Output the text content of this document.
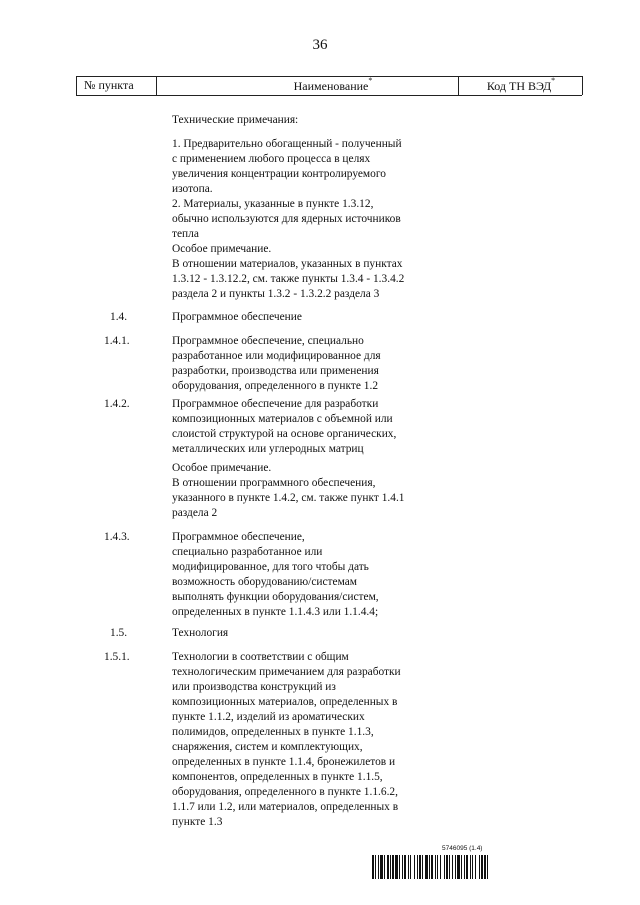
36
№ пункта	Наименование*	Код ТН ВЭД*
Технические примечания:
1. Предварительно обогащенный - полученный
с применением любого процесса в целях
увеличения концентрации контролируемого
изотопа.
2. Материалы, указанные в пункте 1.3.12,
обычно используются для ядерных источников
тепла
Особое примечание.
В отношении материалов, указанных в пунктах
1.3.12 - 1.3.12.2, см. также пункты 1.3.4 - 1.3.4.2
раздела 2 и пункты 1.3.2 - 1.3.2.2 раздела 3
1.4.	Программное обеспечение
1.4.1.	Программное обеспечение, специально
разработанное или модифицированное для
разработки, производства или применения
оборудования, определенного в пункте 1.2
1.4.2.	Программное обеспечение для разработки
композиционных материалов с объемной или
слоистой структурой на основе органических,
металлических или углеродных матриц
Особое примечание.
В отношении программного обеспечения,
указанного в пункте 1.4.2, см. также пункт 1.4.1
раздела 2
1.4.3.	Программное обеспечение,
специально разработанное или
модифицированное, для того чтобы дать
возможность оборудованию/системам
выполнять функции оборудования/систем,
определенных в пункте 1.1.4.3 или 1.1.4.4;
1.5.	Технология
1.5.1.	Технологии в соответствии с общим
технологическим примечанием для разработки
или производства конструкций из
композиционных материалов, определенных в
пункте 1.1.2, изделий из ароматических
полимидов, определенных в пункте 1.1.3,
снаряжения, систем и комплектующих,
определенных в пункте 1.1.4, бронежилетов и
компонентов, определенных в пункте 1.1.5,
оборудования, определенного в пункте 1.1.6.2,
1.1.7 или 1.2, или материалов, определенных в
пункте 1.3
5746095 (1.4)
